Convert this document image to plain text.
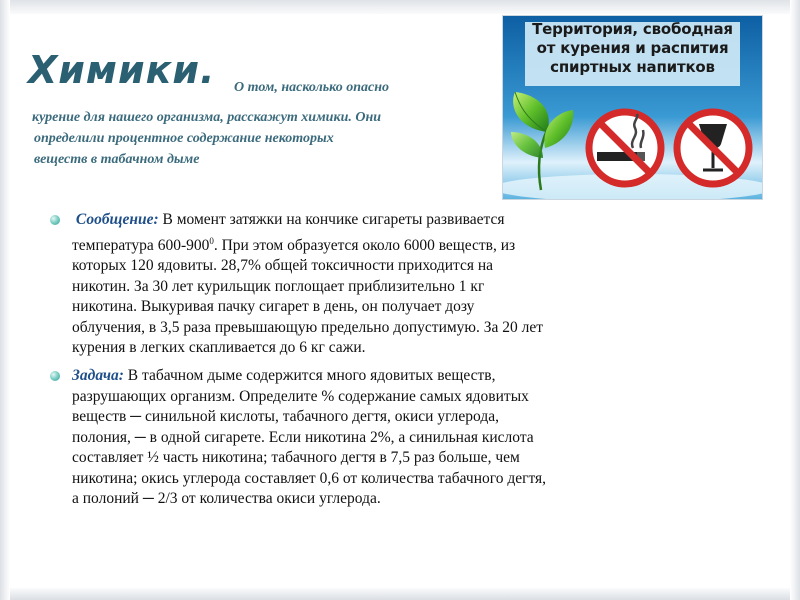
Химики. О том, насколько опасно
курение для нашего организма, расскажут химики. Они
определили процентное содержание некоторых
веществ в табачном дыме
Территория, свободная
от курения и распития
спиртных напитков
Сообщение: В момент затяжки на кончике сигареты развивается
температура $600-900^0$. При этом образуется около 6000 веществ, из
которых 120 ядовиты. 28,7% общей токсичности приходится на
никотин. За 30 лет курильщик поглощает приблизительно 1 кг
никотина. Выкуривая пачку сигарет в день, он получает дозу
облучения, в 3,5 раза превышающую предельно допустимую. За 20 лет
курения в легких скапливается до 6 кг сажи.
Задача: В табачном дыме содержится много ядовитых веществ,
разрушающих организм. Определите % содержание самых ядовитых
веществ ─ синильной кислоты, табачного дегтя, окиси углерода,
полония, ─ в одной сигарете. Если никотина 2%, а синильная кислота
составляет ½ часть никотина; табачного дегтя в 7,5 раз больше, чем
никотина; окись углерода составляет 0,6 от количества табачного дегтя,
а полоний ─ 2/3 от количества окиси углерода.
